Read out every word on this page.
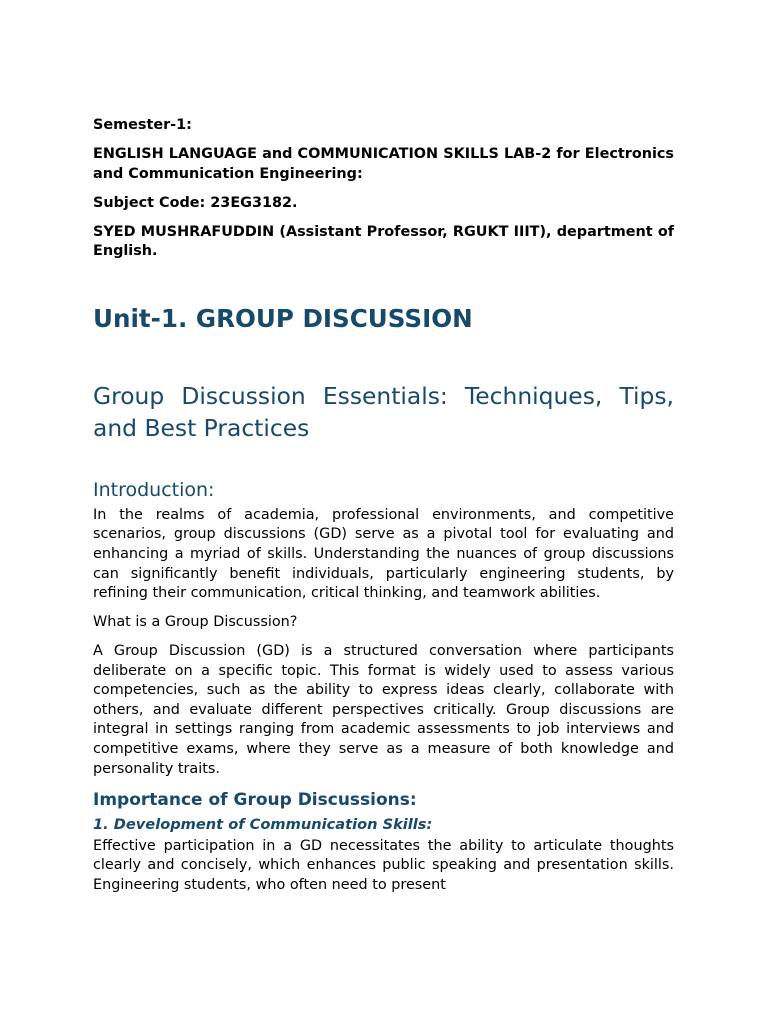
Semester-1:

ENGLISH LANGUAGE and COMMUNICATION SKILLS LAB-2 for Electronics and Communication Engineering:

Subject Code: 23EG3182.

SYED MUSHRAFUDDIN (Assistant Professor, RGUKT IIIT), department of English.

Unit-1. GROUP DISCUSSION
Group Discussion Essentials: Techniques, Tips, and Best Practices
Introduction:

In the realms of academia, professional environments, and competitive scenarios, group discussions (GD) serve as a pivotal tool for evaluating and enhancing a myriad of skills. Understanding the nuances of group discussions can significantly benefit individuals, particularly engineering students, by refining their communication, critical thinking, and teamwork abilities.

What is a Group Discussion?

A Group Discussion (GD) is a structured conversation where participants deliberate on a specific topic. This format is widely used to assess various competencies, such as the ability to express ideas clearly, collaborate with others, and evaluate different perspectives critically. Group discussions are integral in settings ranging from academic assessments to job interviews and competitive exams, where they serve as a measure of both knowledge and personality traits.

Importance of Group Discussions:
1. Development of Communication Skills:

Effective participation in a GD necessitates the ability to articulate thoughts clearly and concisely, which enhances public speaking and presentation skills. Engineering students, who often need to present
